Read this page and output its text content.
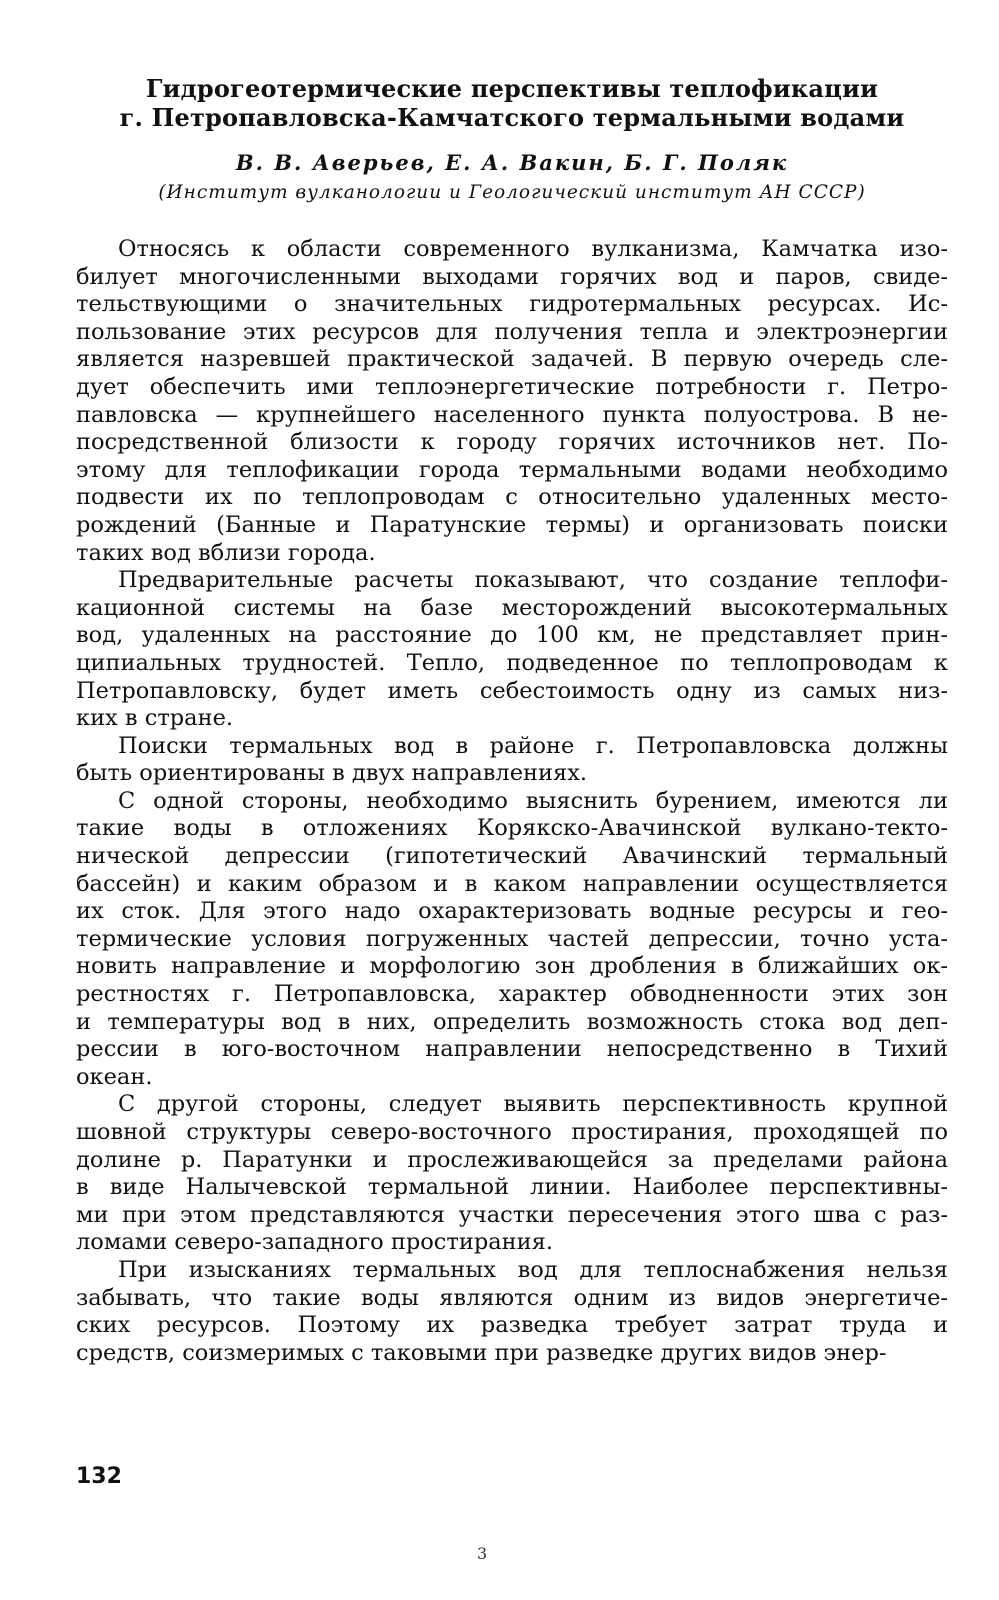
Гидрогеотермические перспективы теплофикации
г. Петропавловска-Камчатского термальными водами

В. В. Аверьев, Е. А. Вакин, Б. Г. Поляк

(Институт вулканологии и Геологический институт АН СССР)

Относясь к области современного вулканизма, Камчатка изо-
билует многочисленными выходами горячих вод и паров, свиде-
тельствующими о значительных гидротермальных ресурсах. Ис-
пользование этих ресурсов для получения тепла и электроэнергии
является назревшей практической задачей. В первую очередь сле-
дует обеспечить ими теплоэнергетические потребности г. Петро-
павловска — крупнейшего населенного пункта полуострова. В не-
посредственной близости к городу горячих источников нет. По-
этому для теплофикации города термальными водами необходимо
подвести их по теплопроводам с относительно удаленных место-
рождений (Банные и Паратунские термы) и организовать поиски
таких вод вблизи города.
Предварительные расчеты показывают, что создание теплофи-
кационной системы на базе месторождений высокотермальных
вод, удаленных на расстояние до 100 км, не представляет прин-
ципиальных трудностей. Тепло, подведенное по теплопроводам к
Петропавловску, будет иметь себестоимость одну из самых низ-
ких в стране.
Поиски термальных вод в районе г. Петропавловска должны
быть ориентированы в двух направлениях.
С одной стороны, необходимо выяснить бурением, имеются ли
такие воды в отложениях Корякско-Авачинской вулкано-текто-
нической депрессии (гипотетический Авачинский термальный
бассейн) и каким образом и в каком направлении осуществляется
их сток. Для этого надо охарактеризовать водные ресурсы и гео-
термические условия погруженных частей депрессии, точно уста-
новить направление и морфологию зон дробления в ближайших ок-
рестностях г. Петропавловска, характер обводненности этих зон
и температуры вод в них, определить возможность стока вод деп-
рессии в юго-восточном направлении непосредственно в Тихий
океан.
С другой стороны, следует выявить перспективность крупной
шовной структуры северо-восточного простирания, проходящей по
долине р. Паратунки и прослеживающейся за пределами района
в виде Налычевской термальной линии. Наиболее перспективны-
ми при этом представляются участки пересечения этого шва с раз-
ломами северо-западного простирания.
При изысканиях термальных вод для теплоснабжения нельзя
забывать, что такие воды являются одним из видов энергетиче-
ских ресурсов. Поэтому их разведка требует затрат труда и
средств, соизмеримых с таковыми при разведке других видов энер-
132
3
